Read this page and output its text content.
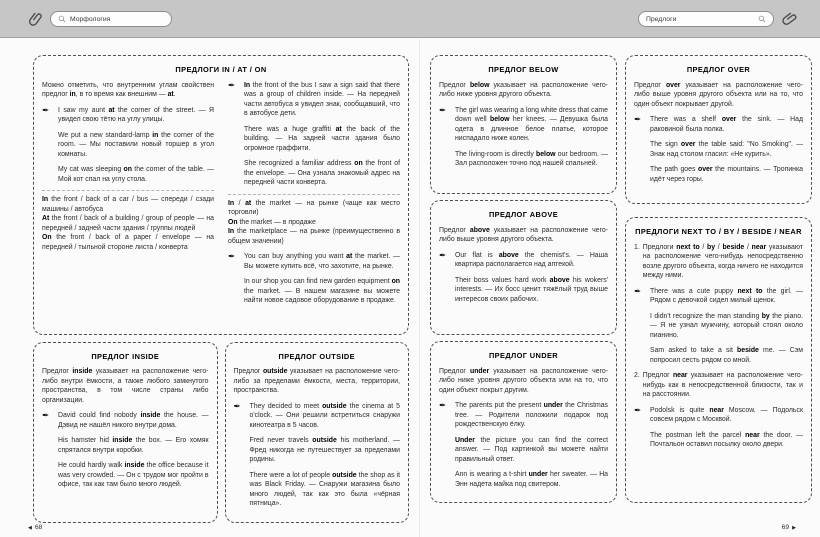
Морфология	Предлоги
ПРЕДЛОГИ IN / AT / ON
Можно отметить, что внутренним углам свойствен предлог in, в то время как внешним — at.
✒	I saw my aunt at the corner of the street. — Я увидел свою тётю на углу улицы.
We put a new standard-lamp in the corner of the room. — Мы поставили новый торшер в угол комнаты.
My cat was sleeping on the corner of the table. — Мой кот спал на углу стола.
In the front / back of a car / bus — спереди / сзади машины / автобуса
At the front / back of a building / group of people — на передней / задней части здания / группы людей
On the front / back of a paper / envelope — на передней / тыльной стороне листа / конверта
✒	In the front of the bus I saw a sign said that there was a group of children inside. — На передней части автобуса я увидел знак, сообщавший, что в автобусе дети.
There was a huge graffiti at the back of the building. — На задней части здания было огромное граффити.
She recognized a familiar address on the front of the envelope. — Она узнала знакомый адрес на передней части конверта.
In / at the market — на рынке (чаще как место торговли)
On the market — в продаже
In the marketplace — на рынке (преимущественно в общем значении)
✒	You can buy anything you want at the market. — Вы можете купить всё, что захотите, на рынке.
In our shop you can find new garden equipment on the market. — В нашем магазине вы можете найти новое садовое оборудование в продаже.
ПРЕДЛОГ INSIDE
Предлог inside указывает на расположение чего-либо внутри ёмкости, а также любого замкнутого пространства, в том числе страны либо организации.
✒	David could find nobody inside the house. — Дэвид не нашёл никого внутри дома.
His hamster hid inside the box. — Его хомяк спрятался внутри коробки.
He could hardly walk inside the office because it was very crowded. — Он с трудом мог пройти в офисе, так как там было много людей.
ПРЕДЛОГ OUTSIDE
Предлог outside указывает на расположение чего-либо за пределами ёмкости, места, территории, пространства.
✒	They decided to meet outside the cinema at 5 o'clock. — Они решили встретиться снаружи кинотеатра в 5 часов.
Fred never travels outside his motherland. — Фред никогда не путешествует за пределами родины.
There were a lot of people outside the shop as it was Black Friday. — Снаружи магазина было много людей, так как это была «чёрная пятница».
ПРЕДЛОГ BELOW
Предлог below указывает на расположение чего-либо ниже уровня другого объекта.
✒	The girl was wearing a long white dress that came down well below her knees. — Девушка была одета в длинное белое платье, которое ниспадало ниже колен.
The living-room is directly below our bedroom. — Зал расположен точно под нашей спальней.
ПРЕДЛОГ ABOVE
Предлог above указывает на расположение чего-либо выше уровня другого объекта.
✒	Our flat is above the chemist's. — Наша квартира располагается над аптекой.
Their boss values hard work above his wokers' interests. — Их босс ценит тяжёлый труд выше интересов своих рабочих.
ПРЕДЛОГ UNDER
Предлог under указывает на расположение чего-либо ниже уровня другого объекта или на то, что один объект покрыт другим.
✒	The parents put the present under the Christmas tree. — Родители положили подарок под рождественскую ёлку.
Under the picture you can find the correct answer. — Под картинкой вы можете найти правильный ответ.
Ann is wearing a t-shirt under her sweater. — На Энн надета майка под свитером.
ПРЕДЛОГ OVER
Предлог over указывает на расположение чего-либо выше уровня другого объекта или на то, что один объект покрывает другой.
✒	There was a shelf over the sink. — Над раковиной была полка.
The sign over the table said: "No Smoking". — Знак над столом гласил: «Не курить».
The path goes over the mountains. — Тропинка идёт через горы.
ПРЕДЛОГИ NEXT TO / BY / BESIDE / NEAR
1. Предлоги next to / by / beside / near указывают на расположение чего-нибудь непосредственно возле другого объекта, когда ничего не находится между ними.
✒	There was a cute puppy next to the girl. — Рядом с девочкой сидел милый щенок.
I didn't recognize the man standing by the piano. — Я не узнал мужчину, который стоял около пианино.
Sam asked to take a sit beside me. — Сэм попросил сесть рядом со мной.
2. Предлог near указывает на расположение чего-нибудь как в непосредственной близости, так и на расстоянии.
✒	Podolsk is quite near Moscow. — Подольск совсем рядом с Москвой.
The postman left the parcel near the door. — Почтальон оставил посылку около двери.
◀ 68	69 ▶
